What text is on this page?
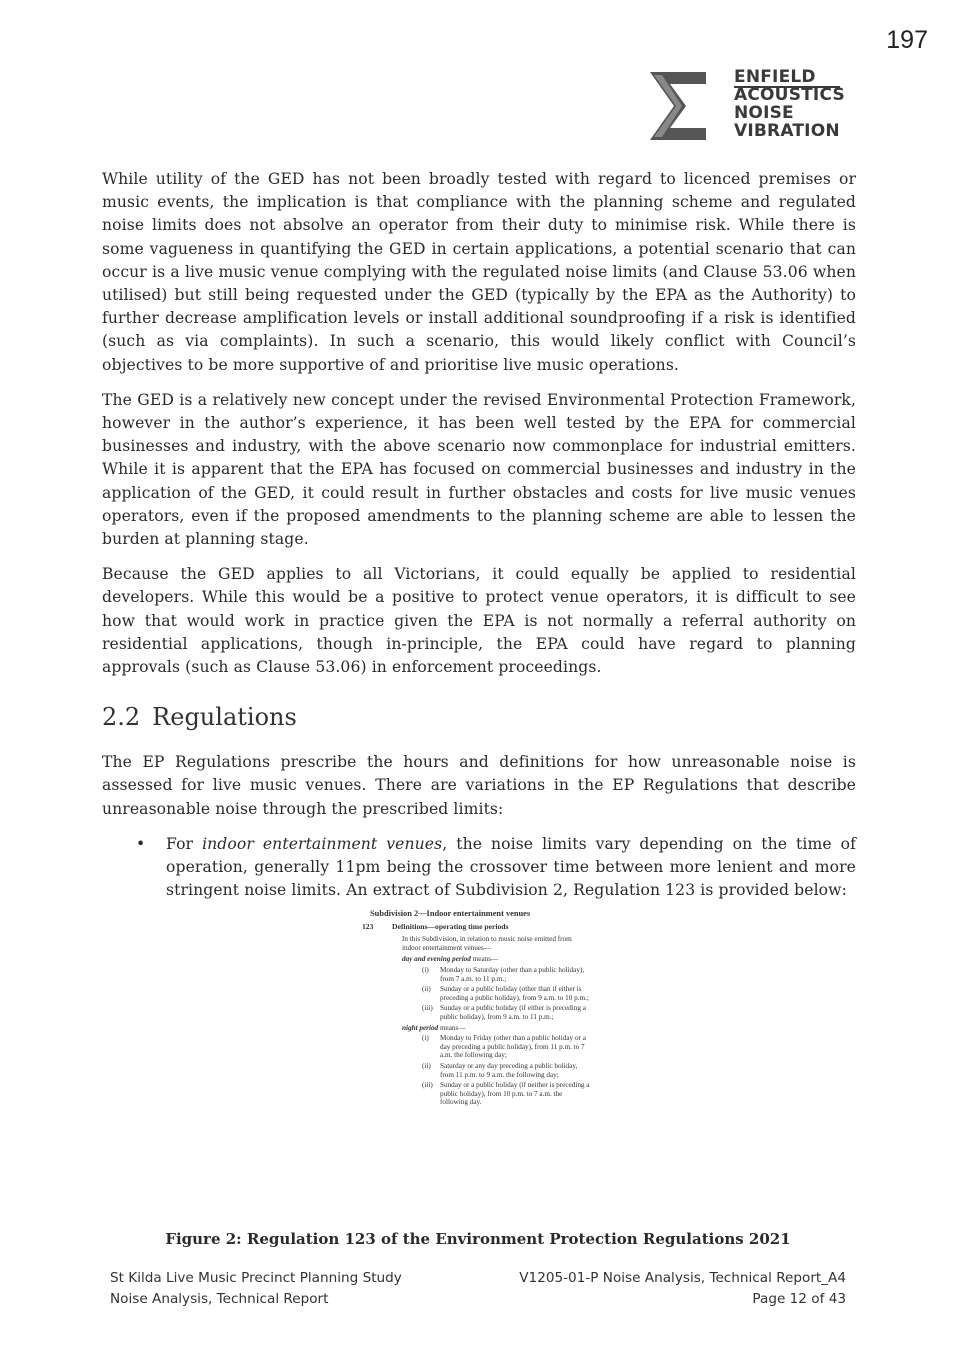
197
ENFIELD
ACOUSTICS
NOISE
VIBRATION

While utility of the GED has not been broadly tested with regard to licenced premises or music events, the implication is that compliance with the planning scheme and regulated noise limits does not absolve an operator from their duty to minimise risk. While there is some vagueness in quantifying the GED in certain applications, a potential scenario that can occur is a live music venue complying with the regulated noise limits (and Clause 53.06 when utilised) but still being requested under the GED (typically by the EPA as the Authority) to further decrease amplification levels or install additional soundproofing if a risk is identified (such as via complaints). In such a scenario, this would likely conflict with Council’s objectives to be more supportive of and prioritise live music operations.

The GED is a relatively new concept under the revised Environmental Protection Framework, however in the author’s experience, it has been well tested by the EPA for commercial businesses and industry, with the above scenario now commonplace for industrial emitters. While it is apparent that the EPA has focused on commercial businesses and industry in the application of the GED, it could result in further obstacles and costs for live music venues operators, even if the proposed amendments to the planning scheme are able to lessen the burden at planning stage.

Because the GED applies to all Victorians, it could equally be applied to residential developers. While this would be a positive to protect venue operators, it is difficult to see how that would work in practice given the EPA is not normally a referral authority on residential applications, though in-principle, the EPA could have regard to planning approvals (such as Clause 53.06) in enforcement proceedings.

2.2 Regulations

The EP Regulations prescribe the hours and definitions for how unreasonable noise is assessed for live music venues. There are variations in the EP Regulations that describe unreasonable noise through the prescribed limits:

• For indoor entertainment venues, the noise limits vary depending on the time of operation, generally 11pm being the crossover time between more lenient and more stringent noise limits. An extract of Subdivision 2, Regulation 123 is provided below:

Subdivision 2—Indoor entertainment venues
123 Definitions—operating time periods
In this Subdivision, in relation to music noise emitted from indoor entertainment venues—
day and evening period means—
(i)	Monday to Saturday (other than a public holiday), from 7 a.m. to 11 p.m.;
(ii)	Sunday or a public holiday (other than if either is preceding a public holiday), from 9 a.m. to 10 p.m.;
(iii)	Sunday or a public holiday (if either is preceding a public holiday), from 9 a.m. to 11 p.m.;
night period means—
(i)	Monday to Friday (other than a public holiday or a day preceding a public holiday), from 11 p.m. to 7 a.m. the following day;
(ii)	Saturday or any day preceding a public holiday, from 11 p.m. to 9 a.m. the following day;
(iii)	Sunday or a public holiday (if neither is preceding a public holiday), from 10 p.m. to 7 a.m. the following day.
Figure 2: Regulation 123 of the Environment Protection Regulations 2021
St Kilda Live Music Precinct Planning Study
Noise Analysis, Technical Report
V1205-01-P Noise Analysis, Technical Report_A4
Page 12 of 43
